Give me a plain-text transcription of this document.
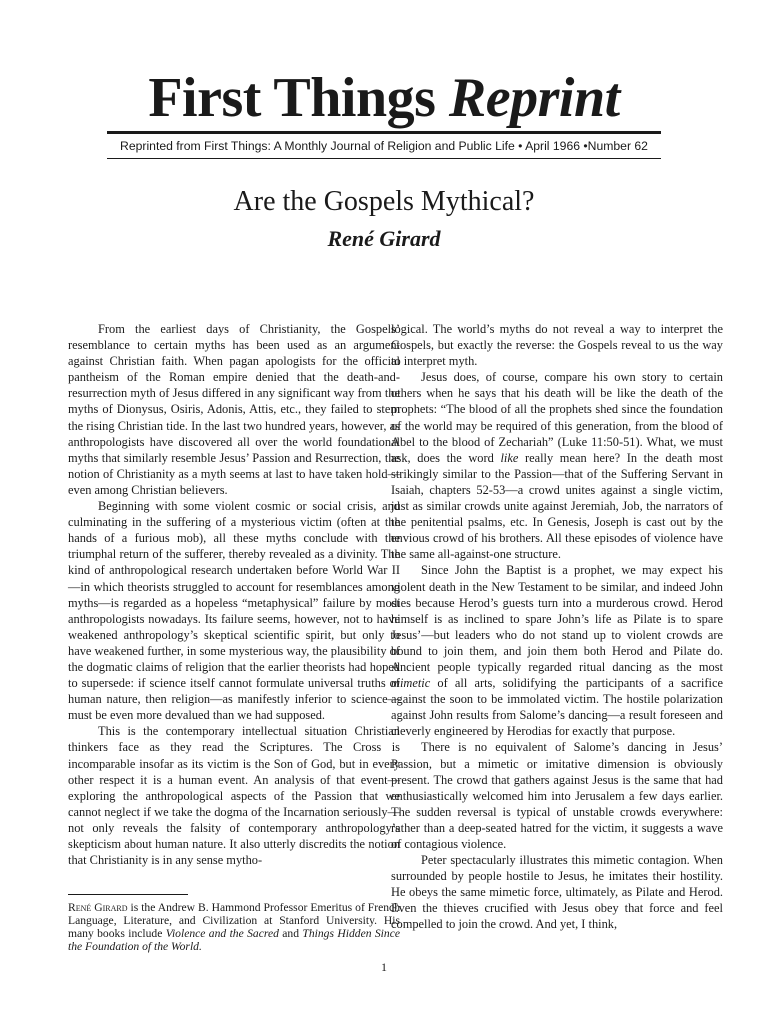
First Things Reprint
Reprinted from First Things: A Monthly Journal of Religion and Public Life • April 1966 •Number 62
Are the Gospels Mythical?
René Girard

From the earliest days of Christianity, the Gospels’ resemblance to certain myths has been used as an argument against Christian faith. When pagan apologists for the official pantheism of the Roman empire denied that the death-and-resurrection myth of Jesus differed in any significant way from the myths of Dionysus, Osiris, Adonis, Attis, etc., they failed to stem the rising Christian tide. In the last two hundred years, however, as anthropologists have discovered all over the world foundational myths that similarly resemble Jesus’ Passion and Resurrection, the notion of Christianity as a myth seems at last to have taken hold—even among Christian believers.

Beginning with some violent cosmic or social crisis, and culminating in the suffering of a mysterious victim (often at the hands of a furious mob), all these myths conclude with the triumphal return of the sufferer, thereby revealed as a divinity. The kind of anthropological research undertaken before World War II—in which theorists struggled to account for resemblances among myths—is regarded as a hopeless “metaphysical” failure by most anthropologists nowadays. Its failure seems, however, not to have weakened anthropology’s skeptical scientific spirit, but only to have weakened further, in some mysterious way, the plausibility of the dogmatic claims of religion that the earlier theorists had hoped to supersede: if science itself cannot formulate universal truths of human nature, then religion—as manifestly inferior to science—must be even more devalued than we had supposed.

This is the contemporary intellectual situation Christian thinkers face as they read the Scriptures. The Cross is incomparable insofar as its victim is the Son of God, but in every other respect it is a human event. An analysis of that event—exploring the anthropological aspects of the Passion that we cannot neglect if we take the dogma of the Incarnation seriously—not only reveals the falsity of contemporary anthropology’s skepticism about human nature. It also utterly discredits the notion that Christianity is in any sense mytho-

logical. The world’s myths do not reveal a way to interpret the Gospels, but exactly the reverse: the Gospels reveal to us the way to interpret myth.

Jesus does, of course, compare his own story to certain others when he says that his death will be like the death of the prophets: “The blood of all the prophets shed since the foundation of the world may be required of this generation, from the blood of Abel to the blood of Zechariah” (Luke 11:50-51). What, we must ask, does the word like really mean here? In the death most strikingly similar to the Passion—that of the Suffering Servant in Isaiah, chapters 52-53—a crowd unites against a single victim, just as similar crowds unite against Jeremiah, Job, the narrators of the penitential psalms, etc. In Genesis, Joseph is cast out by the envious crowd of his brothers. All these episodes of violence have the same all-against-one structure.

Since John the Baptist is a prophet, we may expect his violent death in the New Testament to be similar, and indeed John dies because Herod’s guests turn into a murderous crowd. Herod himself is as inclined to spare John’s life as Pilate is to spare Jesus’—but leaders who do not stand up to violent crowds are bound to join them, and join them both Herod and Pilate do. Ancient people typically regarded ritual dancing as the most mimetic of all arts, solidifying the participants of a sacrifice against the soon to be immolated victim. The hostile polarization against John results from Salome’s dancing—a result foreseen and cleverly engineered by Herodias for exactly that purpose.

There is no equivalent of Salome’s dancing in Jesus’ Passion, but a mimetic or imitative dimension is obviously present. The crowd that gathers against Jesus is the same that had enthusiastically welcomed him into Jerusalem a few days earlier. The sudden reversal is typical of unstable crowds everywhere: rather than a deep-seated hatred for the victim, it suggests a wave of contagious violence.

Peter spectacularly illustrates this mimetic contagion. When surrounded by people hostile to Jesus, he imitates their hostility. He obeys the same mimetic force, ultimately, as Pilate and Herod. Even the thieves crucified with Jesus obey that force and feel compelled to join the crowd. And yet, I think,

René Girard is the Andrew B. Hammond Professor Emeritus of French Language, Literature, and Civilization at Stanford University. His many books include Violence and the Sacred and Things Hidden Since the Foundation of the World.
1
